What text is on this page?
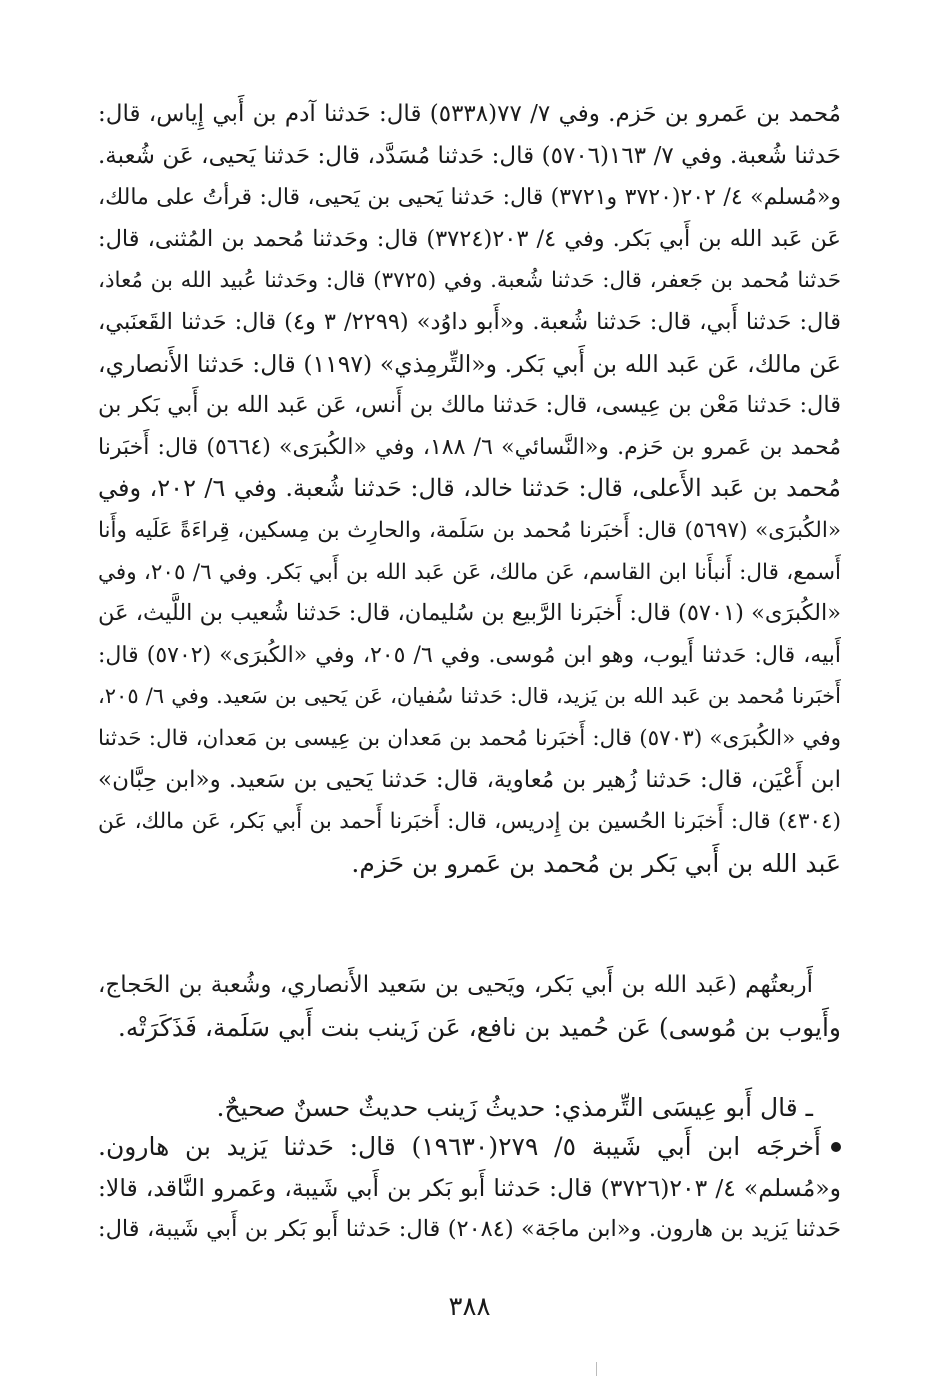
مُحمد بن عَمرو بن حَزم. وفي ٧/ ٧٧(٥٣٣٨) قال: حَدثنا آدم بن أَبي إِياس، قال:
حَدثنا شُعبة. وفي ٧/ ١٦٣(٥٧٠٦) قال: حَدثنا مُسَدَّد، قال: حَدثنا يَحيى، عَن شُعبة.
و«مُسلم» ٤/ ٢٠٢(٣٧٢٠ و٣٧٢١) قال: حَدثنا يَحيى بن يَحيى، قال: قرأتُ على مالك،
عَن عَبد الله بن أَبي بَكر. وفي ٤/ ٢٠٣(٣٧٢٤) قال: وحَدثنا مُحمد بن المُثنى، قال:
حَدثنا مُحمد بن جَعفر، قال: حَدثنا شُعبة. وفي (٣٧٢٥) قال: وحَدثنا عُبيد الله بن مُعاذ،
قال: حَدثنا أَبي، قال: حَدثنا شُعبة. و«أَبو داوُد» (٢٢٩٩/ ٣ و٤) قال: حَدثنا القَعنَبي،
عَن مالك، عَن عَبد الله بن أَبي بَكر. و«التِّرمِذي» (١١٩٧) قال: حَدثنا الأَنصاري،
قال: حَدثنا مَعْن بن عِيسى، قال: حَدثنا مالك بن أَنس، عَن عَبد الله بن أَبي بَكر بن
مُحمد بن عَمرو بن حَزم. و«النَّسائي» ٦/ ١٨٨، وفي «الكُبرَى» (٥٦٦٤) قال: أَخبَرنا
مُحمد بن عَبد الأَعلى، قال: حَدثنا خالد، قال: حَدثنا شُعبة. وفي ٦/ ٢٠٢، وفي
«الكُبرَى» (٥٦٩٧) قال: أَخبَرنا مُحمد بن سَلَمة، والحارِث بن مِسكين، قِراءَةً عَلَيه وأَنا
أَسمع، قال: أَنبأَنا ابن القاسم، عَن مالك، عَن عَبد الله بن أَبي بَكر. وفي ٦/ ٢٠٥، وفي
«الكُبرَى» (٥٧٠١) قال: أَخبَرنا الرَّبيع بن سُليمان، قال: حَدثنا شُعيب بن اللَّيث، عَن
أَبيه، قال: حَدثنا أَيوب، وهو ابن مُوسى. وفي ٦/ ٢٠٥، وفي «الكُبرَى» (٥٧٠٢) قال:
أَخبَرنا مُحمد بن عَبد الله بن يَزيد، قال: حَدثنا سُفيان، عَن يَحيى بن سَعيد. وفي ٦/ ٢٠٥،
وفي «الكُبرَى» (٥٧٠٣) قال: أَخبَرنا مُحمد بن مَعدان بن عِيسى بن مَعدان، قال: حَدثنا
ابن أَعْيَن، قال: حَدثنا زُهير بن مُعاوية، قال: حَدثنا يَحيى بن سَعيد. و«ابن حِبَّان»
(٤٣٠٤) قال: أَخبَرنا الحُسين بن إِدريس، قال: أَخبَرنا أَحمد بن أَبي بَكر، عَن مالك، عَن
عَبد الله بن أَبي بَكر بن مُحمد بن عَمرو بن حَزم.
أَربعتُهم (عَبد الله بن أَبي بَكر، ويَحيى بن سَعيد الأَنصاري، وشُعبة بن الحَجاج،
وأَيوب بن مُوسى) عَن حُميد بن نافع، عَن زَينب بنت أَبي سَلَمة، فَذَكَرَتْه.
ـ قال أَبو عِيسَى التِّرمذي: حديثُ زَينب حديثٌ حسنٌ صحيحٌ.
أَخرجَه ابن أَبي شَيبة ٥/ ٢٧٩(١٩٦٣٠) قال: حَدثنا يَزيد بن هارون.
و«مُسلم» ٤/ ٢٠٣(٣٧٢٦) قال: حَدثنا أَبو بَكر بن أَبي شَيبة، وعَمرو النَّاقد، قالا:
حَدثنا يَزيد بن هارون. و«ابن ماجَة» (٢٠٨٤) قال: حَدثنا أَبو بَكر بن أَبي شَيبة، قال:
٣٨٨
